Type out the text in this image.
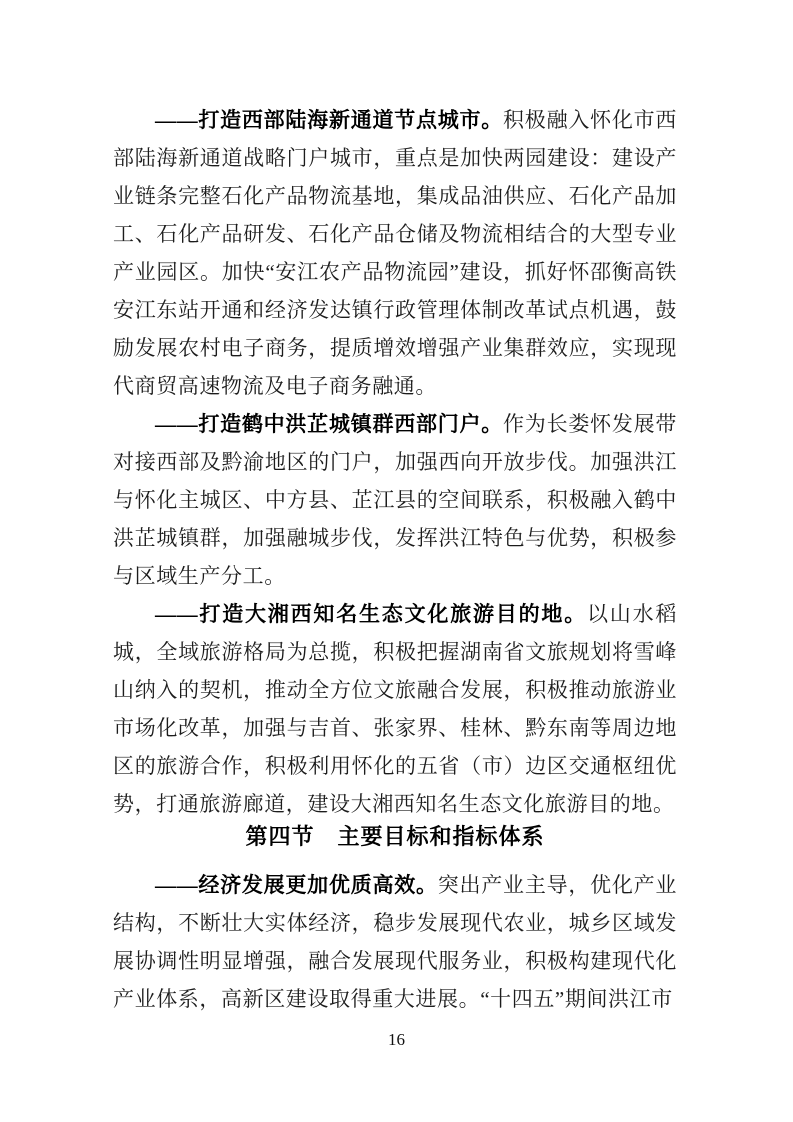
——打造西部陆海新通道节点城市。积极融入怀化市西部陆海新通道战略门户城市，重点是加快两园建设：建设产业链条完整石化产品物流基地，集成品油供应、石化产品加工、石化产品研发、石化产品仓储及物流相结合的大型专业产业园区。加快“安江农产品物流园”建设，抓好怀邵衡高铁安江东站开通和经济发达镇行政管理体制改革试点机遇，鼓励发展农村电子商务，提质增效增强产业集群效应，实现现代商贸高速物流及电子商务融通。

——打造鹤中洪芷城镇群西部门户。作为长娄怀发展带对接西部及黔渝地区的门户，加强西向开放步伐。加强洪江与怀化主城区、中方县、芷江县的空间联系，积极融入鹤中洪芷城镇群，加强融城步伐，发挥洪江特色与优势，积极参与区域生产分工。

——打造大湘西知名生态文化旅游目的地。以山水稻城，全域旅游格局为总揽，积极把握湖南省文旅规划将雪峰山纳入的契机，推动全方位文旅融合发展，积极推动旅游业市场化改革，加强与吉首、张家界、桂林、黔东南等周边地区的旅游合作，积极利用怀化的五省（市）边区交通枢纽优势，打通旅游廊道，建设大湘西知名生态文化旅游目的地。

第四节　主要目标和指标体系

——经济发展更加优质高效。突出产业主导，优化产业结构，不断壮大实体经济，稳步发展现代农业，城乡区域发展协调性明显增强，融合发展现代服务业，积极构建现代化产业体系，高新区建设取得重大进展。“十四五”期间洪江市

16
